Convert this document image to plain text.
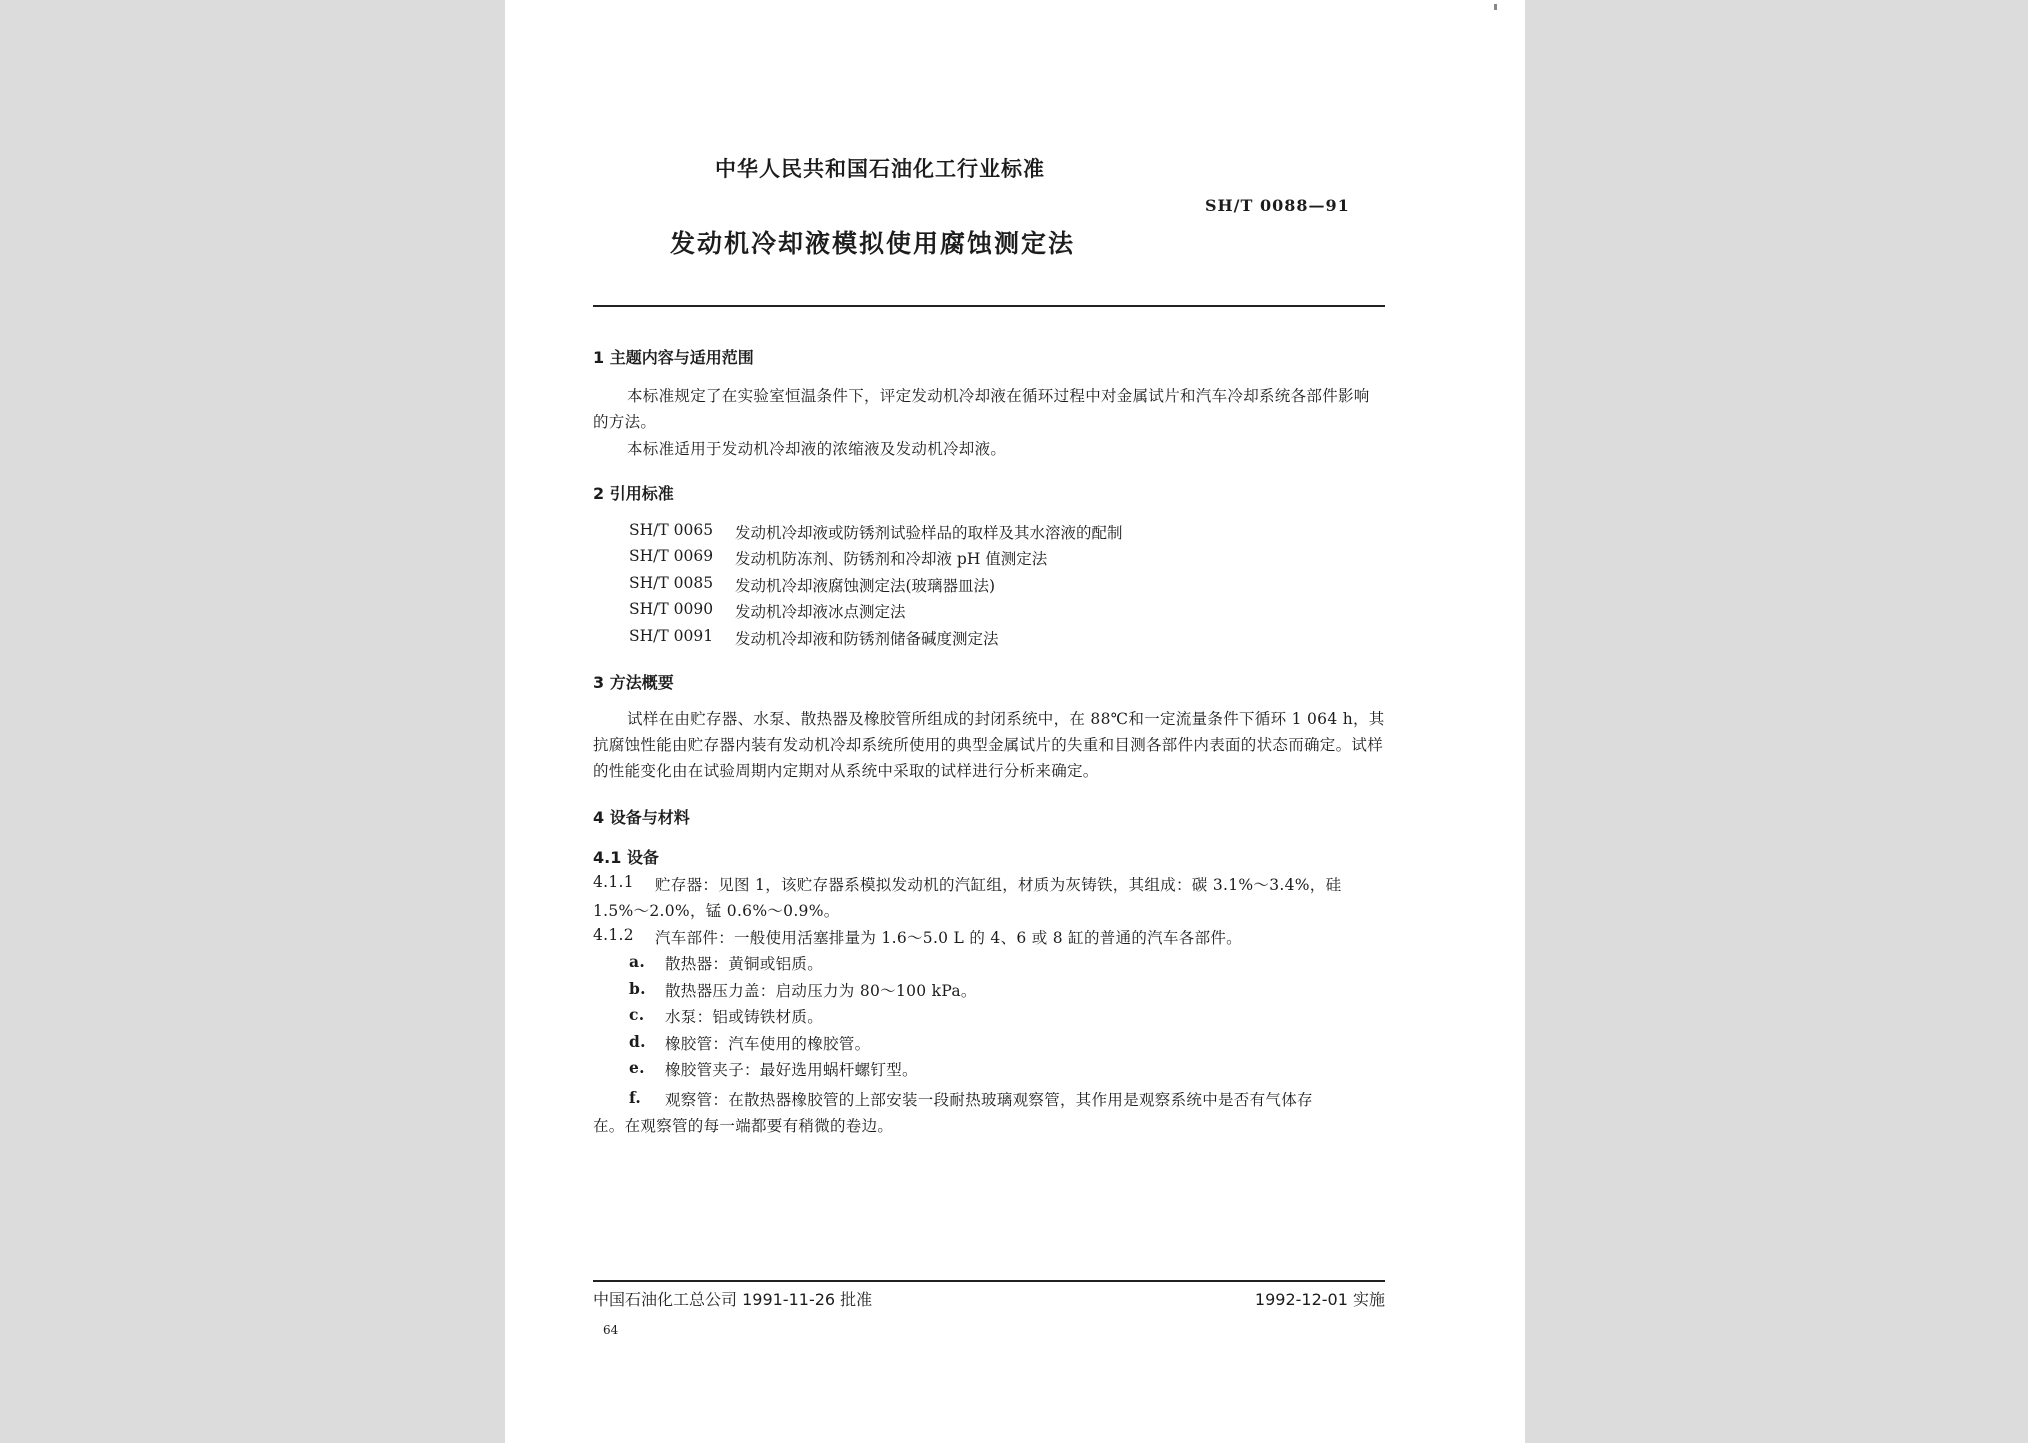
中华人民共和国石油化工行业标准
SH/T 0088—91
发动机冷却液模拟使用腐蚀测定法
1 主题内容与适用范围
本标准规定了在实验室恒温条件下，评定发动机冷却液在循环过程中对金属试片和汽车冷却系统各部件影响的方法。
本标准适用于发动机冷却液的浓缩液及发动机冷却液。
2 引用标准
SH/T 0065 发动机冷却液或防锈剂试验样品的取样及其水溶液的配制
SH/T 0069 发动机防冻剂、防锈剂和冷却液 pH 值测定法
SH/T 0085 发动机冷却液腐蚀测定法(玻璃器皿法)
SH/T 0090 发动机冷却液冰点测定法
SH/T 0091 发动机冷却液和防锈剂储备碱度测定法
3 方法概要
试样在由贮存器、水泵、散热器及橡胶管所组成的封闭系统中，在 88℃和一定流量条件下循环 1 064 h，其抗腐蚀性能由贮存器内装有发动机冷却系统所使用的典型金属试片的失重和目测各部件内表面的状态而确定。试样的性能变化由在试验周期内定期对从系统中采取的试样进行分析来确定。
4 设备与材料
4.1 设备
4.1.1 贮存器：见图 1，该贮存器系模拟发动机的汽缸组，材质为灰铸铁，其组成：碳 3.1%～3.4%，硅
1.5%～2.0%，锰 0.6%～0.9%。
4.1.2 汽车部件：一般使用活塞排量为 1.6～5.0 L 的 4、6 或 8 缸的普通的汽车各部件。
a. 散热器：黄铜或铝质。
b. 散热器压力盖：启动压力为 80～100 kPa。
c. 水泵：铝或铸铁材质。
d. 橡胶管：汽车使用的橡胶管。
e. 橡胶管夹子：最好选用蜗杆螺钉型。
f. 观察管：在散热器橡胶管的上部安装一段耐热玻璃观察管，其作用是观察系统中是否有气体存
在。在观察管的每一端都要有稍微的卷边。
中国石油化工总公司 1991-11-26 批准	1992-12-01 实施
64
